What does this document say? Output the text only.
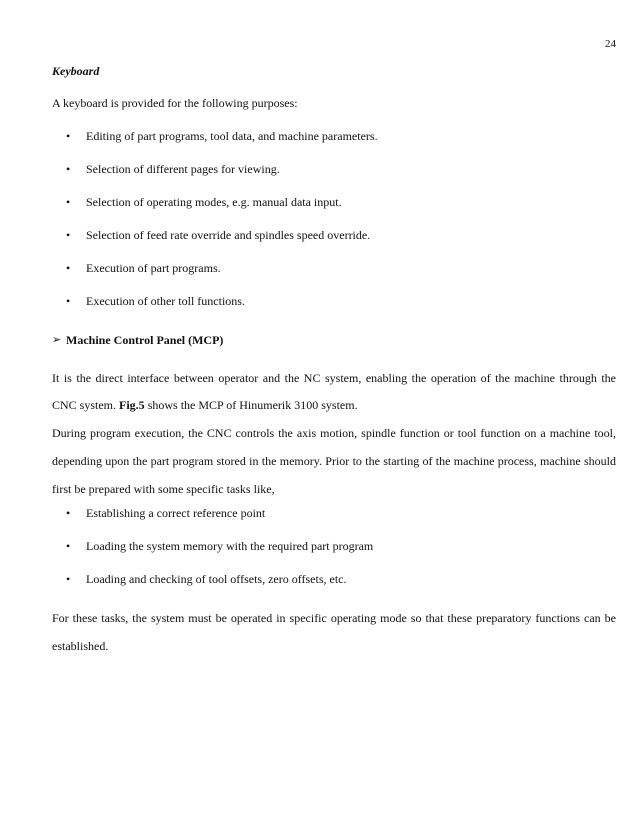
24
Keyboard

A keyboard is provided for the following purposes:

• Editing of part programs, tool data, and machine parameters.
• Selection of different pages for viewing.
• Selection of operating modes, e.g. manual data input.
• Selection of feed rate override and spindles speed override.
• Execution of part programs.
• Execution of other toll functions.
➢ Machine Control Panel (MCP)

It is the direct interface between operator and the NC system, enabling the operation of the machine through the CNC system. Fig.5 shows the MCP of Hinumerik 3100 system.

During program execution, the CNC controls the axis motion, spindle function or tool function on a machine tool, depending upon the part program stored in the memory. Prior to the starting of the machine process, machine should first be prepared with some specific tasks like,

• Establishing a correct reference point
• Loading the system memory with the required part program
• Loading and checking of tool offsets, zero offsets, etc.

For these tasks, the system must be operated in specific operating mode so that these preparatory functions can be established.
